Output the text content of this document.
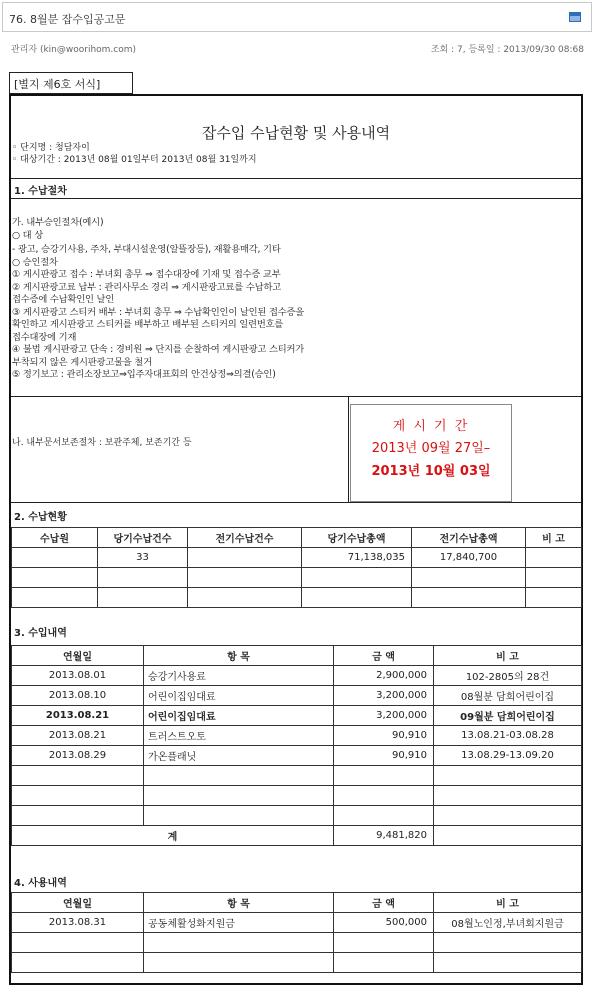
76. 8월분 잡수입공고문
관리자 (kin@woorihom.com)	조회 : 7, 등록일 : 2013/09/30 08:68
[별지 제6호 서식]
잡수입 수납현황 및 사용내역
◦ 단지명 : 청담자이
◦ 대상기간 : 2013년 08월 01일부터 2013년 08월 31일까지
1. 수납절차
가. 내부승인절차(예시)
○ 대 상
- 광고, 승강기사용, 주차, 부대시설운영(알뜰장등), 재활용매각, 기타
○ 승인절차
① 게시판광고 접수 : 부녀회 총무 ⇒ 접수대장에 기재 및 접수증 교부
② 게시판광고료 납부 : 관리사무소 경리 ⇒ 게시판광고료를 수납하고
접수증에 수납확인인 날인
③ 게시판광고 스티커 배부 : 부녀회 총무 ⇒ 수납확인인이 날인된 접수증을
확인하고 게시판광고 스티커를 배부하고 배부된 스티커의 일련번호를
접수대장에 기재
④ 불법 게시판광고 단속 : 경비원 ⇒ 단지를 순찰하여 게시판광고 스티커가
부착되지 않은 게시판광고물을 철거
⑤ 정기보고 : 관리소장보고⇒입주자대표회의 안건상정⇒의결(승인)
나. 내부문서보존절차 : 보관주체, 보존기간 등
게 시 기 간
2013년 09월 27일–
2013년 10월 03일
2. 수납현황
수납원	당기수납건수	전기수납건수	당기수납총액	전기수납총액	비 고
	33		71,138,035	17,840,700	

3. 수입내역
연월일	항 목	금 액	비 고
2013.08.01	승강기사용료	2,900,000	102-2805의 28건
2013.08.10	어린이집임대료	3,200,000	08월분 담희어린이집
2013.08.21	어린이집임대료	3,200,000	09월분 담희어린이집
2013.08.21	트러스트오토	90,910	13.08.21-03.08.28
2013.08.29	가온플래닛	90,910	13.08.29-13.09.20

계		9,481,820	
4. 사용내역
연월일	항 목	금 액	비 고
2013.08.31	공동체활성화지원금	500,000	08월노인정,부녀회지원금
